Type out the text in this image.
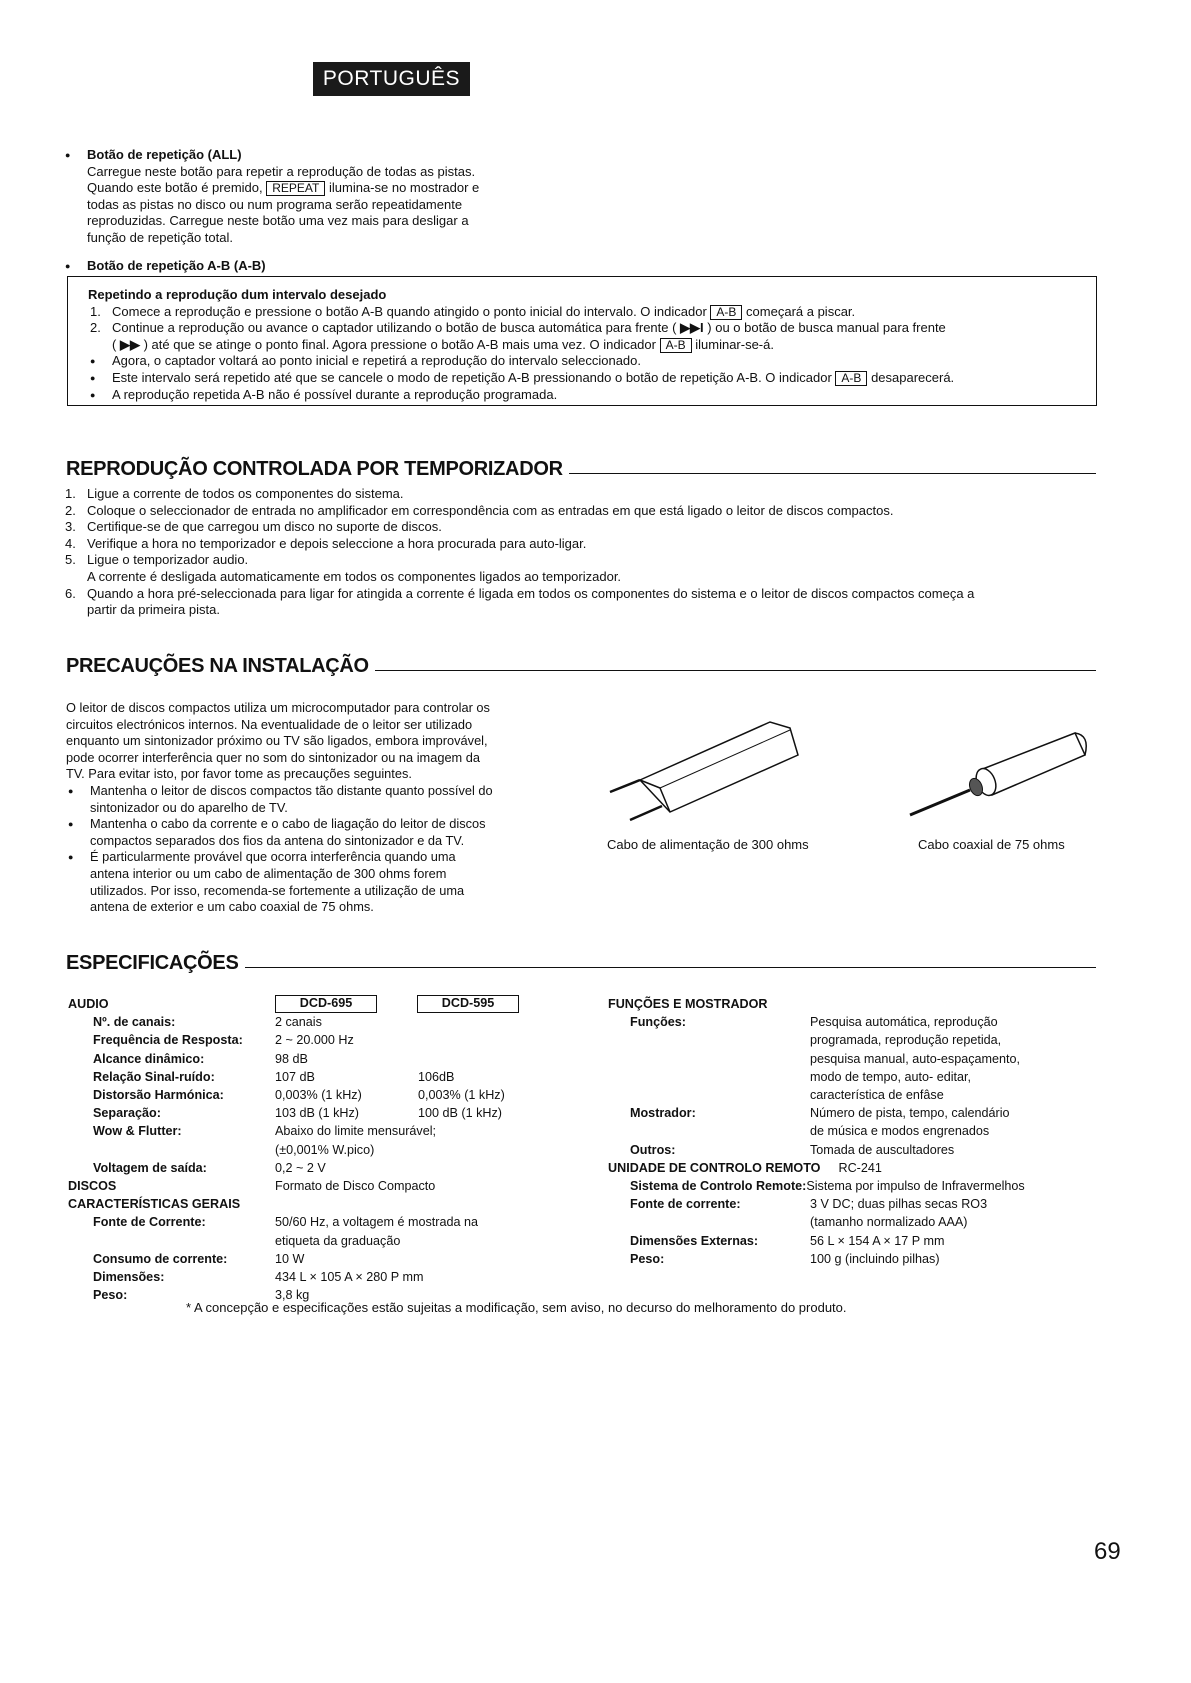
PORTUGUÊS
● Botão de repetição (ALL)
Carregue neste botão para repetir a reprodução de todas as pistas.
Quando este botão é premido, REPEAT ilumina-se no mostrador e
todas as pistas no disco ou num programa serão repeatidamente
reproduzidas. Carregue neste botão uma vez mais para desligar a
função de repetição total.
● Botão de repetição A-B (A-B)
Repetindo a reprodução dum intervalo desejado
1. Comece a reprodução e pressione o botão A-B quando atingido o ponto inicial do intervalo. O indicador A-B começará a piscar.
2. Continue a reprodução ou avance o captador utilizando o botão de busca automática para frente ( ▶▶I ) ou o botão de busca manual para frente
( ▶▶ ) até que se atinge o ponto final. Agora pressione o botão A-B mais uma vez. O indicador A-B iluminar-se-á.
● Agora, o captador voltará ao ponto inicial e repetirá a reprodução do intervalo seleccionado.
● Este intervalo será repetido até que se cancele o modo de repetição A-B pressionando o botão de repetição A-B. O indicador A-B desaparecerá.
● A reprodução repetida A-B não é possível durante a reprodução programada.
REPRODUÇÃO CONTROLADA POR TEMPORIZADOR
1. Ligue a corrente de todos os componentes do sistema.
2. Coloque o seleccionador de entrada no amplificador em correspondência com as entradas em que está ligado o leitor de discos compactos.
3. Certifique-se de que carregou um disco no suporte de discos.
4. Verifique a hora no temporizador e depois seleccione a hora procurada para auto-ligar.
5. Ligue o temporizador audio.
A corrente é desligada automaticamente em todos os componentes ligados ao temporizador.
6. Quando a hora pré-seleccionada para ligar for atingida a corrente é ligada em todos os componentes do sistema e o leitor de discos compactos começa a
partir da primeira pista.
PRECAUÇÕES NA INSTALAÇÃO
O leitor de discos compactos utiliza um microcomputador para controlar os
circuitos electrónicos internos. Na eventualidade de o leitor ser utilizado
enquanto um sintonizador próximo ou TV são ligados, embora improvável,
pode ocorrer interferência quer no som do sintonizador ou na imagem da
TV. Para evitar isto, por favor tome as precauções seguintes.
● Mantenha o leitor de discos compactos tão distante quanto possível do
sintonizador ou do aparelho de TV.
● Mantenha o cabo da corrente e o cabo de liagação do leitor de discos
compactos separados dos fios da antena do sintonizador e da TV.
● É particularmente provável que ocorra interferência quando uma
antena interior ou um cabo de alimentação de 300 ohms forem
utilizados. Por isso, recomenda-se fortemente a utilização de uma
antena de exterior e um cabo coaxial de 75 ohms.
Cabo de alimentação de 300 ohms	Cabo coaxial de 75 ohms
ESPECIFICAÇÕES
AUDIO	DCD-695	DCD-595
Nº. de canais:	2 canais
Frequência de Resposta:	2 ~ 20.000 Hz
Alcance dinâmico:	98 dB
Relação Sinal-ruído:	107 dB	106dB
Distorsão Harmónica:	0,003% (1 kHz)	0,003% (1 kHz)
Separação:	103 dB (1 kHz)	100 dB (1 kHz)
Wow & Flutter:	Abaixo do limite mensurável;
(±0,001% W.pico)
Voltagem de saída:	0,2 ~ 2 V
DISCOS	Formato de Disco Compacto
CARACTERÍSTICAS GERAIS
Fonte de Corrente:	50/60 Hz, a voltagem é mostrada na
etiqueta da graduação
Consumo de corrente:	10 W
Dimensões:	434 L × 105 A × 280 P mm
Peso:	3,8 kg
FUNÇÕES E MOSTRADOR
Funções:	Pesquisa automática, reprodução
programada, reprodução repetida,
pesquisa manual, auto-espaçamento,
modo de tempo, auto- editar,
característica de enfâse
Mostrador:	Número de pista, tempo, calendário
de música e modos engrenados
Outros:	Tomada de auscultadores
UNIDADE DE CONTROLO REMOTO RC-241
Sistema de Controlo Remote: Sistema por impulso de Infravermelhos
Fonte de corrente:	3 V DC; duas pilhas secas RO3
(tamanho normalizado AAA)
Dimensões Externas:	56 L × 154 A × 17 P mm
Peso:	100 g (incluindo pilhas)
* A concepção e especificações estão sujeitas a modificação, sem aviso, no decurso do melhoramento do produto.
69
